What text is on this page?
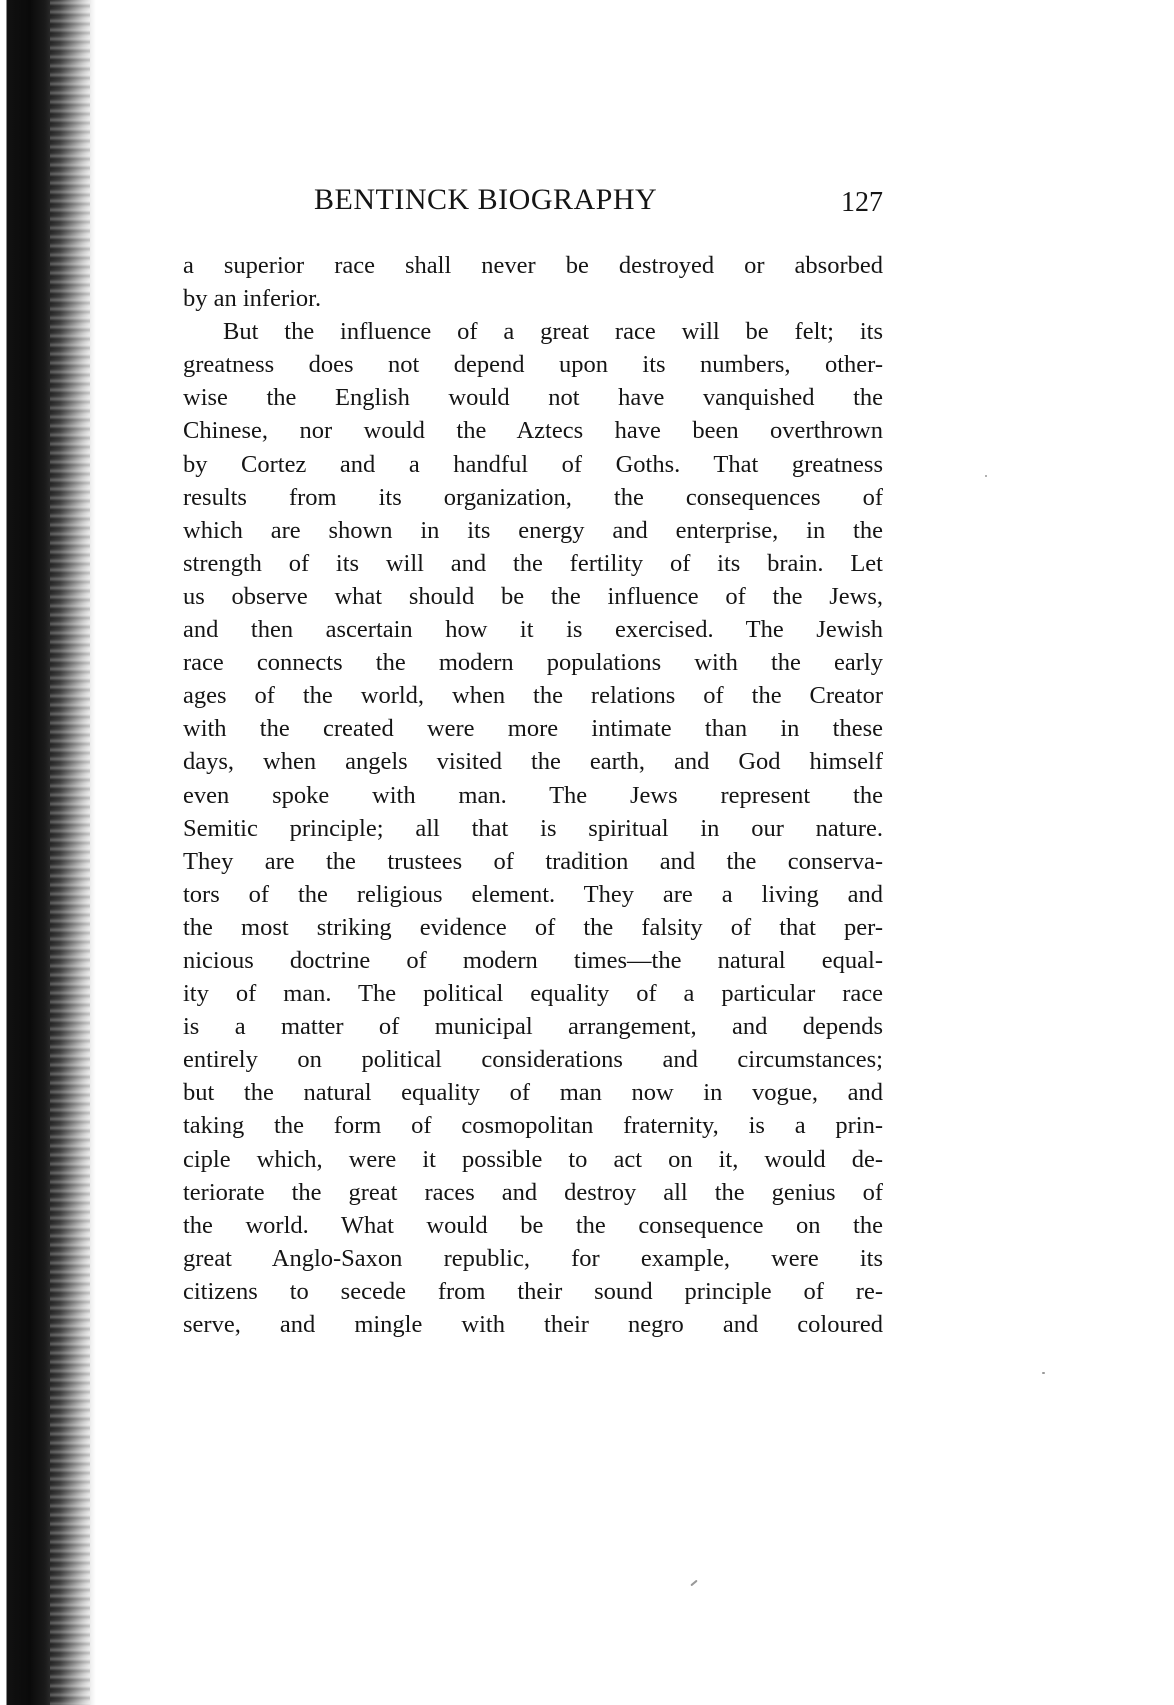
BENTINCK BIOGRAPHY	127
a superior race shall never be destroyed or absorbed
by an inferior.
But the influence of a great race will be felt; its
greatness does not depend upon its numbers, other-
wise the English would not have vanquished the
Chinese, nor would the Aztecs have been overthrown
by Cortez and a handful of Goths. That greatness
results from its organization, the consequences of
which are shown in its energy and enterprise, in the
strength of its will and the fertility of its brain. Let
us observe what should be the influence of the Jews,
and then ascertain how it is exercised. The Jewish
race connects the modern populations with the early
ages of the world, when the relations of the Creator
with the created were more intimate than in these
days, when angels visited the earth, and God himself
even spoke with man. The Jews represent the
Semitic principle; all that is spiritual in our nature.
They are the trustees of tradition and the conserva-
tors of the religious element. They are a living and
the most striking evidence of the falsity of that per-
nicious doctrine of modern times—the natural equal-
ity of man. The political equality of a particular race
is a matter of municipal arrangement, and depends
entirely on political considerations and circumstances;
but the natural equality of man now in vogue, and
taking the form of cosmopolitan fraternity, is a prin-
ciple which, were it possible to act on it, would de-
teriorate the great races and destroy all the genius of
the world. What would be the consequence on the
great Anglo-Saxon republic, for example, were its
citizens to secede from their sound principle of re-
serve, and mingle with their negro and coloured
